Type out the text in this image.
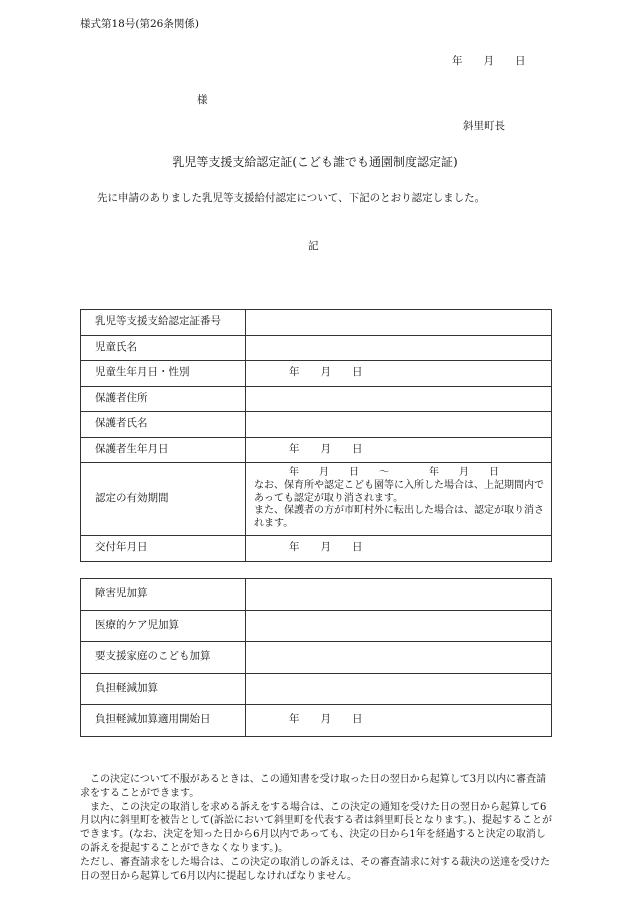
様式第18号(第26条関係)
年　　月　　日
様
斜里町長
乳児等支援支給認定証(こども誰でも通園制度認定証)
先に申請のありました乳児等支援給付認定について、下記のとおり認定しました。
記
乳児等支援支給認定証番号	
児童氏名	
児童生年月日・性別	年　　月　　日
保護者住所	
保護者氏名	
保護者生年月日	年　　月　　日
認定の有効期間	年　　月　　日　　～　　　　年　　月　　日
なお、保育所や認定こども園等に入所した場合は、上記期間内であっても認定が取り消されます。
また、保護者の方が市町村外に転出した場合は、認定が取り消されます。

交付年月日	年　　月　　日
障害児加算	
医療的ケア児加算	
要支援家庭のこども加算	
負担軽減加算	
負担軽減加算適用開始日	年　　月　　日

この決定について不服があるときは、この通知書を受け取った日の翌日から起算して3月以内に審査請求をすることができます。

また、この決定の取消しを求める訴えをする場合は、この決定の通知を受けた日の翌日から起算して6月以内に斜里町を被告として(訴訟において斜里町を代表する者は斜里町長となります。)、提起することができます。(なお、決定を知った日から6月以内であっても、決定の日から1年を経過すると決定の取消しの訴えを提起することができなくなります。)。

ただし、審査請求をした場合は、この決定の取消しの訴えは、その審査請求に対する裁決の送達を受けた日の翌日から起算して6月以内に提起しなければなりません。
